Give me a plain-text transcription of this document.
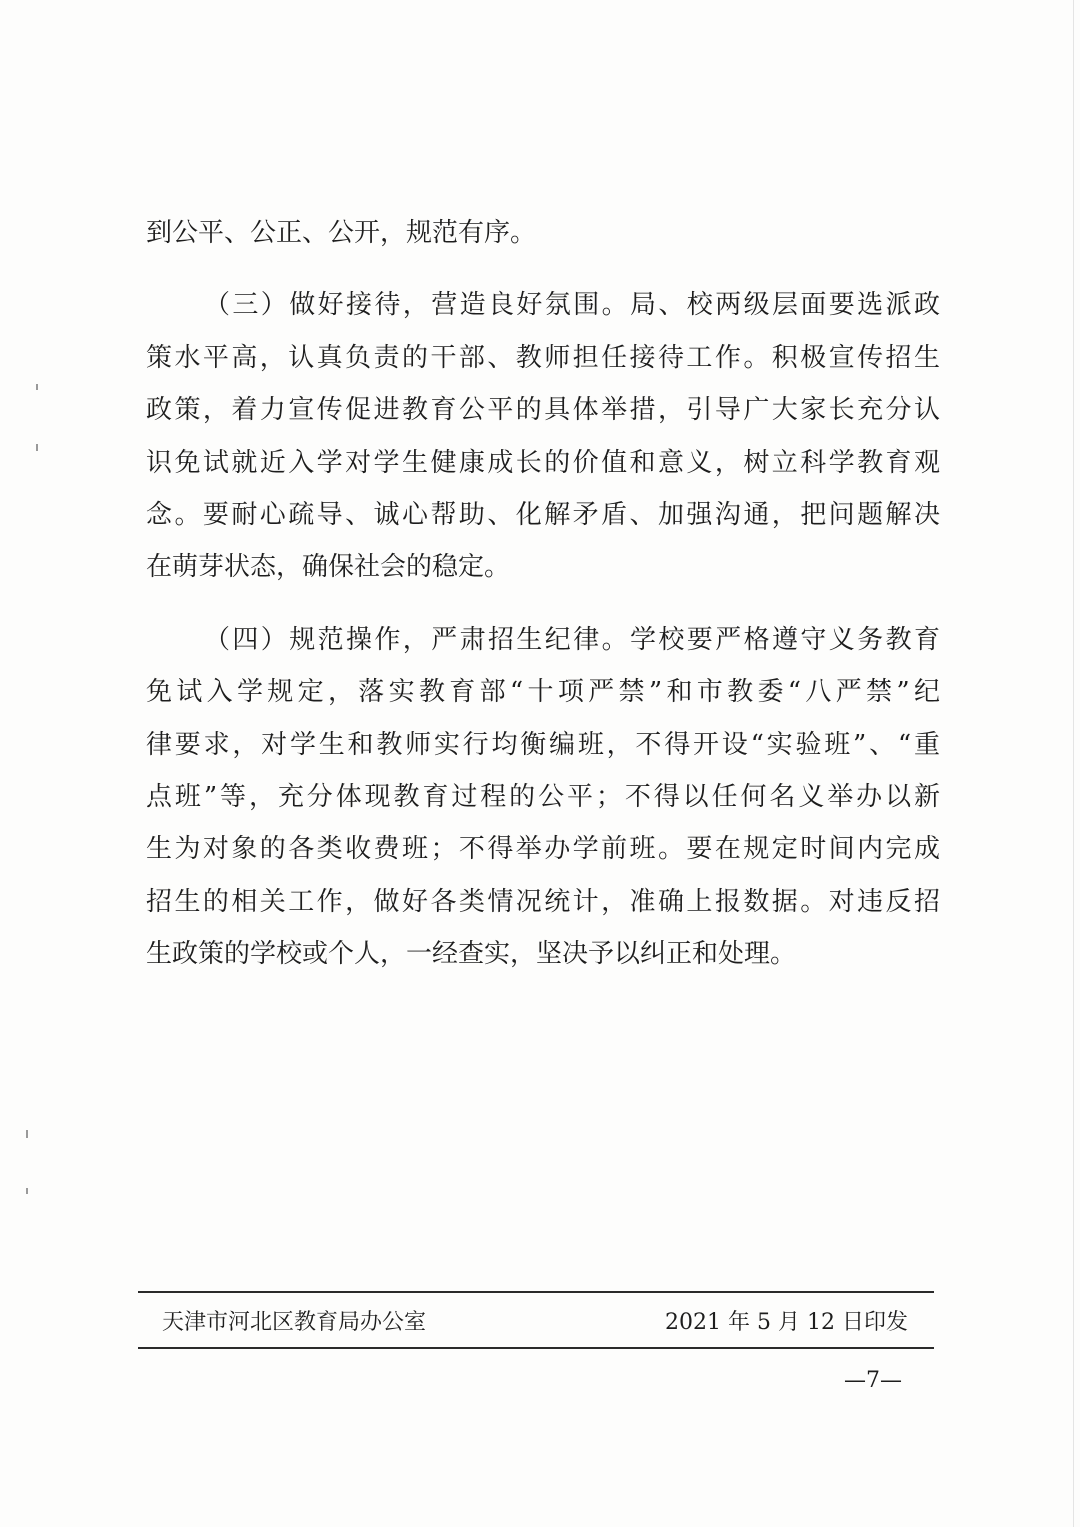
到公平、公正、公开，规范有序。
（三）做好接待，营造良好氛围。局、校两级层面要选派政
策水平高，认真负责的干部、教师担任接待工作。积极宣传招生
政策，着力宣传促进教育公平的具体举措，引导广大家长充分认
识免试就近入学对学生健康成长的价值和意义，树立科学教育观
念。要耐心疏导、诚心帮助、化解矛盾、加强沟通，把问题解决
在萌芽状态，确保社会的稳定。
（四）规范操作，严肃招生纪律。学校要严格遵守义务教育
免试入学规定，落实教育部“十项严禁”和市教委“八严禁”纪
律要求，对学生和教师实行均衡编班，不得开设“实验班”、“重
点班”等，充分体现教育过程的公平；不得以任何名义举办以新
生为对象的各类收费班；不得举办学前班。要在规定时间内完成
招生的相关工作，做好各类情况统计，准确上报数据。对违反招
生政策的学校或个人，一经查实，坚决予以纠正和处理。
天津市河北区教育局办公室	2021 年 5 月 12 日印发
—7—
